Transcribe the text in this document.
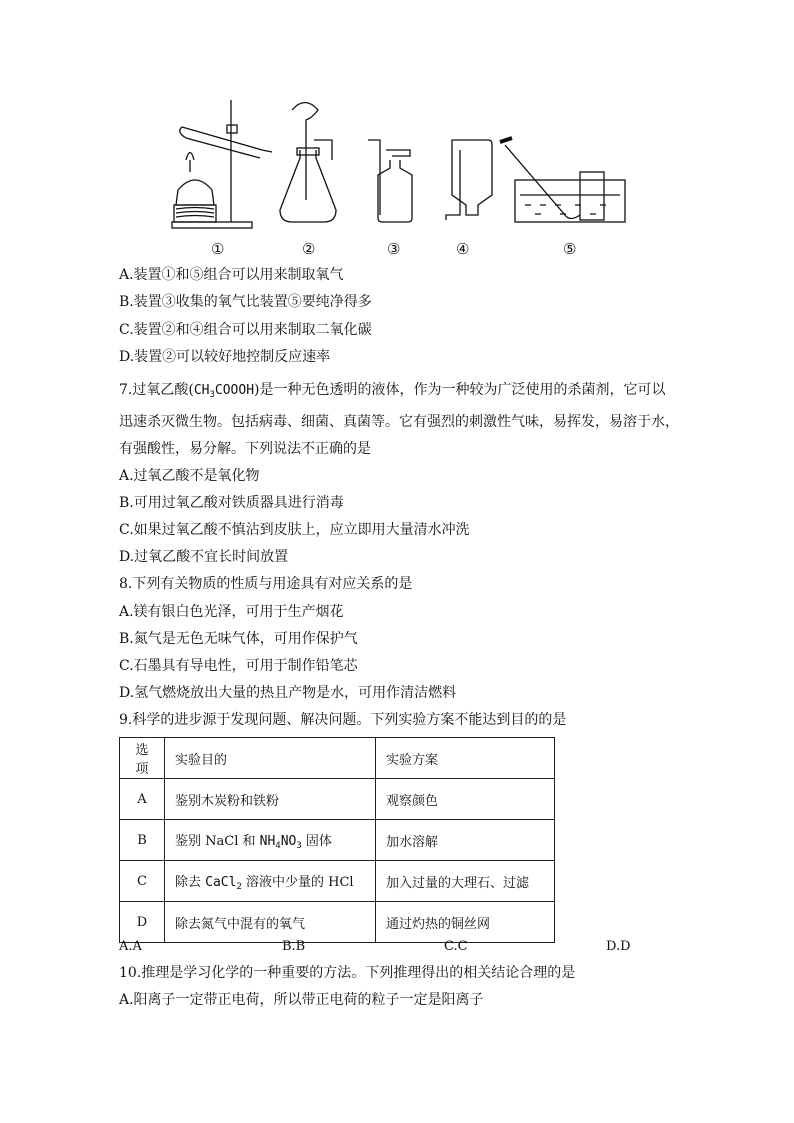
①	②	③	④	⑤
A.装置①和⑤组合可以用来制取氧气
B.装置③收集的氧气比装置⑤要纯净得多
C.装置②和④组合可以用来制取二氧化碳
D.装置②可以较好地控制反应速率
7.过氧乙酸$(CH_3COOOH)$是一种无色透明的液体，作为一种较为广泛使用的杀菌剂，它可以迅速杀灭微生物。包括病毒、细菌、真菌等。它有强烈的刺激性气味，易挥发，易溶于水，有强酸性，易分解。下列说法不正确的是
A.过氧乙酸不是氧化物
B.可用过氧乙酸对铁质器具进行消毒
C.如果过氧乙酸不慎沾到皮肤上，应立即用大量清水冲洗
D.过氧乙酸不宜长时间放置
8.下列有关物质的性质与用途具有对应关系的是
A.镁有银白色光泽，可用于生产烟花
B.氮气是无色无味气体，可用作保护气
C.石墨具有导电性，可用于制作铅笔芯
D.氢气燃烧放出大量的热且产物是水，可用作清洁燃料
9.科学的进步源于发现问题、解决问题。下列实验方案不能达到目的的是
选项	实验目的	实验方案
A	鉴别木炭粉和铁粉	观察颜色
B	鉴别 NaCl 和 $NH_4NO_3$ 固体	加水溶解
C	除去 CaCl$_2$ 溶液中少量的 HCl	加入过量的大理石、过滤
D	除去氮气中混有的氧气	通过灼热的铜丝网
A.A	B.B	C.C	D.D
10.推理是学习化学的一种重要的方法。下列推理得出的相关结论合理的是
A.阳离子一定带正电荷，所以带正电荷的粒子一定是阳离子
